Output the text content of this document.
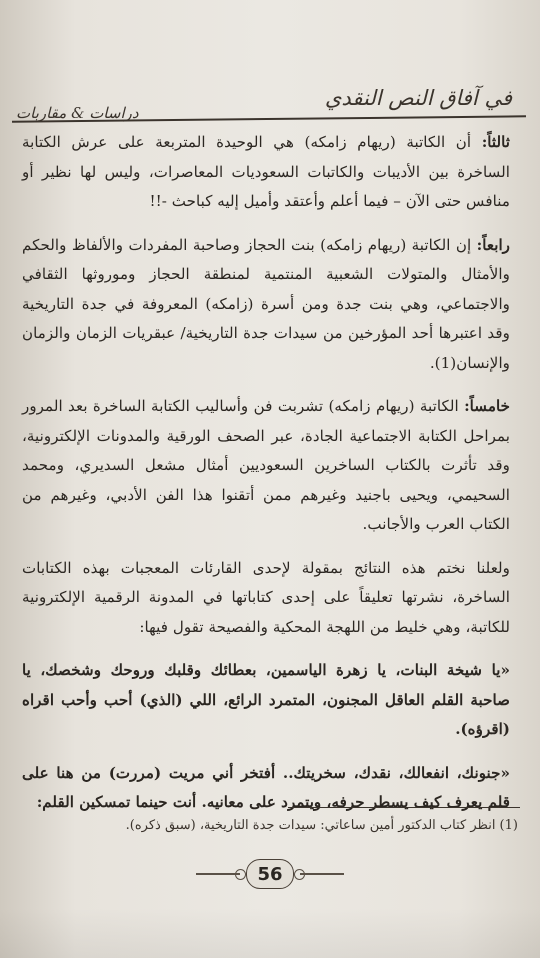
في آفاق النص النقدي
دراسات & مقاربات

ثالثاً: أن الكاتبة (ريهام زامكه) هي الوحيدة المتربعة على عرش الكتابة الساخرة بين الأديبات والكاتبات السعوديات المعاصرات، وليس لها نظير أو منافس حتى الآن – فيما أعلم وأعتقد وأميل إليه كباحث -!!

رابعاً: إن الكاتبة (ريهام زامكه) بنت الحجاز وصاحبة المفردات والألفاظ والحكم والأمثال والمتولات الشعبية المنتمية لمنطقة الحجاز وموروثها الثقافي والاجتماعي، وهي بنت جدة ومن أسرة (زامكه) المعروفة في جدة التاريخية وقد اعتبرها أحد المؤرخين من سيدات جدة التاريخية/ عبقريات الزمان والزمان والإنسان(1).

خامساً: الكاتبة (ريهام زامكه) تشربت فن وأساليب الكتابة الساخرة بعد المرور بمراحل الكتابة الاجتماعية الجادة، عبر الصحف الورقية والمدونات الإلكترونية، وقد تأثرت بالكتاب الساخرين السعوديين أمثال مشعل السديري، ومحمد السحيمي، ويحيى باجنيد وغيرهم ممن أتقنوا هذا الفن الأدبي، وغيرهم من الكتاب العرب والأجانب.

ولعلنا نختم هذه النتائج بمقولة لإحدى القارئات المعجبات بهذه الكتابات الساخرة، نشرتها تعليقاً على إحدى كتاباتها في المدونة الرقمية الإلكترونية للكاتبة، وهي خليط من اللهجة المحكية والفصيحة تقول فيها:

«يا شيخة البنات، يا زهرة الياسمين، بعطائك وقلبك وروحك وشخصك، يا صاحبة القلم العاقل المجنون، المتمرد الرائع، اللي (الذي) أحب وأحب اقراه (اقرؤه).

«جنونك، انفعالك، نقدك، سخريتك.. أفتخر أني مريت (مررت) من هنا على قلم يعرف كيف يسطر حرفه، ويتمرد على معانيه. أنت حينما تمسكين القلم:

(1) انظر كتاب الدكتور أمين ساعاتي: سيدات جدة التاريخية، (سبق ذكره).
56
